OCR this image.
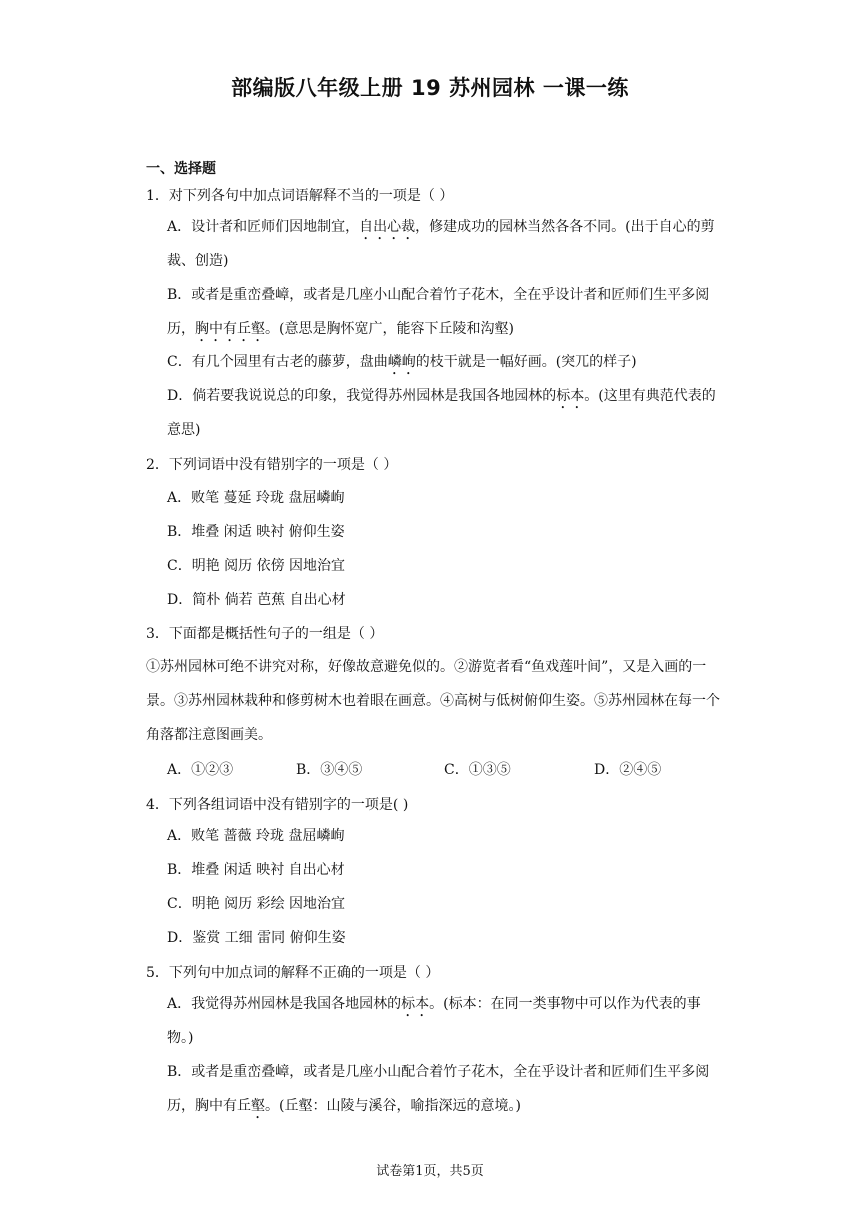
部编版八年级上册 19 苏州园林 一课一练
一、选择题
1．对下列各句中加点词语解释不当的一项是（ ）
A．设计者和匠师们因地制宜，自出心裁，修建成功的园林当然各各不同。(出于自心的剪裁、创造)
B．或者是重峦叠嶂，或者是几座小山配合着竹子花木，全在乎设计者和匠师们生平多阅历，胸中有丘壑。(意思是胸怀宽广，能容下丘陵和沟壑)
C．有几个园里有古老的藤萝，盘曲嶙峋的枝干就是一幅好画。(突兀的样子)
D．倘若要我说说总的印象，我觉得苏州园林是我国各地园林的标本。(这里有典范代表的意思)
2．下列词语中没有错别字的一项是（ ）
A．败笔 蔓延 玲珑 盘屈嶙峋
B．堆叠 闲适 映衬 俯仰生姿
C．明艳 阅历 依傍 因地治宜
D．简朴 倘若 芭蕉 自出心材
3．下面都是概括性句子的一组是（ ）
①苏州园林可绝不讲究对称，好像故意避免似的。②游览者看“鱼戏莲叶间”，又是入画的一景。③苏州园林栽种和修剪树木也着眼在画意。④高树与低树俯仰生姿。⑤苏州园林在每一个角落都注意图画美。
A．①②③	B．③④⑤	C．①③⑤	D．②④⑤
4．下列各组词语中没有错别字的一项是( )
A．败笔 蔷薇 玲珑 盘屈嶙峋
B．堆叠 闲适 映衬 自出心材
C．明艳 阅历 彩绘 因地治宜
D．鉴赏 工细 雷同 俯仰生姿
5．下列句中加点词的解释不正确的一项是（ ）
A．我觉得苏州园林是我国各地园林的标本。(标本：在同一类事物中可以作为代表的事物。)
B．或者是重峦叠嶂，或者是几座小山配合着竹子花木，全在乎设计者和匠师们生平多阅历，胸中有丘壑。(丘壑：山陵与溪谷，喻指深远的意境。)
试卷第1页，共5页
